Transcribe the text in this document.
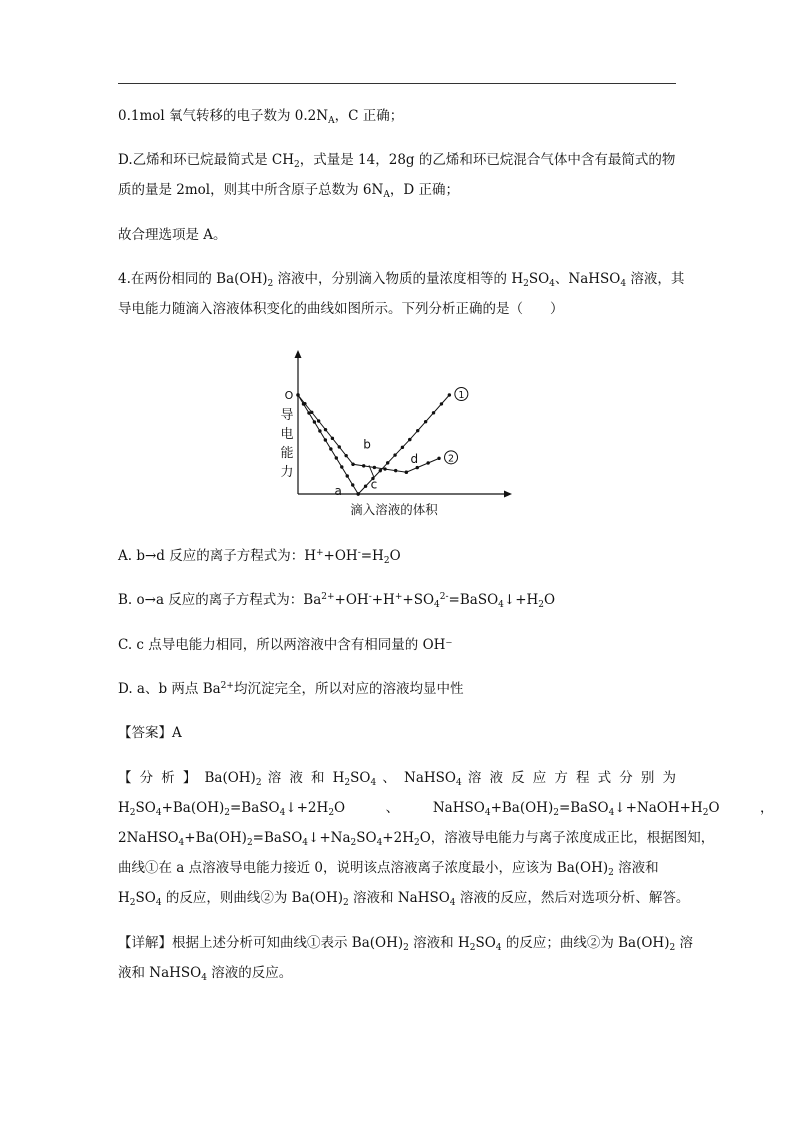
0.1mol 氧气转移的电子数为 $0.2N_A$，C 正确；

D.乙烯和环已烷最简式是 $CH_2$，式量是 14，28g 的乙烯和环已烷混合气体中含有最简式的物

质的量是 2mol，则其中所含原子总数为 $6N_A$，D 正确；

故合理选项是 A。

4.在两份相同的 $Ba(OH)_2$ 溶液中，分别滴入物质的量浓度相等的 $H_2SO_4$、NaHSO$_4$ 溶液，其

导电能力随滴入溶液体积变化的曲线如图所示。下列分析正确的是（　　）

O
导
电
能
力
滴入溶液的体积
1
2
a
b
c
d

A. b→d 反应的离子方程式为：$H^++OH^-=H_2O$

B. o→a 反应的离子方程式为：$Ba^{2+}+OH^-+H^++SO_4^{2-}=BaSO_4↓+H_2O$

C. c 点导电能力相同，所以两溶液中含有相同量的 OH⁻

D. a、b 两点 $Ba^{2+}$均沉淀完全，所以对应的溶液均显中性

【答案】A

【 分 析 】 $Ba(OH)_2$ 溶 液 和 $H_2SO_4$ 、 NaHSO$_4$ 溶 液 反 应 方 程 式 分 别 为

$H_2SO_4+Ba(OH)_2=BaSO_4↓+2H_2O$　　　、　　　$NaHSO_4+Ba(OH)_2=BaSO_4↓+NaOH+H_2O$　　　，

$2NaHSO_4+Ba(OH)_2=BaSO_4↓+Na_2SO_4+2H_2O$，溶液导电能力与离子浓度成正比，根据图知，

曲线①在 a 点溶液导电能力接近 0，说明该点溶液离子浓度最小，应该为 $Ba(OH)_2$ 溶液和

$H_2SO_4$ 的反应，则曲线②为 $Ba(OH)_2$ 溶液和 NaHSO$_4$ 溶液的反应，然后对选项分析、解答。

【详解】根据上述分析可知曲线①表示 $Ba(OH)_2$ 溶液和 $H_2SO_4$ 的反应；曲线②为 $Ba(OH)_2$ 溶

液和 NaHSO$_4$ 溶液的反应。
